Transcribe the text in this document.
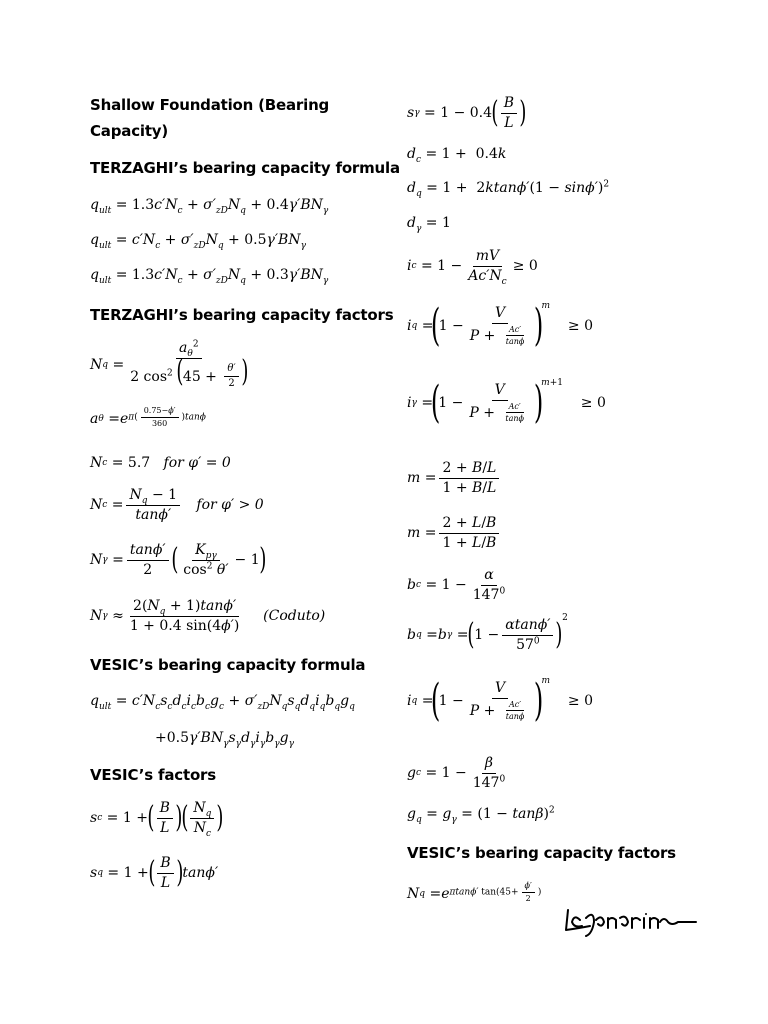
Shallow Foundation (Bearing Capacity)
TERZAGHI’s bearing capacity formula
$q_{ult} = 1.3c'N_c + \sigma'_{zD}N_q + 0.4\gamma'BN_\gamma$
$q_{ult} = c'N_c + \sigma'_{zD}N_q + 0.5\gamma'BN_\gamma$
$q_{ult} = 1.3c'N_c + \sigma'_{zD}N_q + 0.3\gamma'BN_\gamma$
TERZAGHI’s bearing capacity factors
N $q = \frac{a_\theta^2}{2 \cos^2 (45 + \frac{\theta'}{2} )}$
a θ = e $\pi( \frac{0.75-\phi'}{360} )\tan\phi$
N c = 5.7 for φ′ = 0
N $c = \frac{N_q - 1}{\tan\phi'}$
for φ′ > 0
N $\gamma = \frac{\tan\phi'}{2}$ ( $\frac{K_{p\gamma}}{\cos^2 \theta'} - 1$ )
N $\gamma \approx \frac{2(N_q + 1)\tan\phi'}{1 + 0.4 \sin(4\phi')}$
(Coduto)
VESIC’s bearing capacity formula
$q_{ult} = c'N_cs_cd_ci_cb_cg_c + \sigma'_{zD}N_qs_qd_qi_qb_qg_q$
$+0.5\gamma'BN_\gamma s_\gamma d_\gamma i_\gamma b_\gamma g_\gamma$
VESIC’s factors
s c = 1 + ( $\frac{B}{L}$ )
( $\frac{N_q}{N_c}$ )
s q = 1 + ( $\frac{B}{L}$ ) tanϕ′
s γ = 1 − 0.4 ( $\frac{B}{L}$ )
$d_c = 1 + 0.4k$
$d_q = 1 + 2ktan\phi'(1 - \sin\phi')^2$
$d_\gamma = 1$
i $c = 1 - \frac{mV}{Ac'N_c} \ge 0$
i q =
(
$1 - \frac{V}{P + \frac{Ac'}{\tan\phi}}$ )
m

≥ 0
i γ =
(
$1 - \frac{V}{P + \frac{Ac'}{\tan\phi}}$ )
m+1

≥ 0
$m = \frac{2 + B/L}{1 + B/L}$
$m = \frac{2 + L/B}{1 + L/B}$
b $c = 1 - \frac{\alpha}{147^0}$
b q = b γ = ( $1 - \frac{\alpha\tan\phi'}{57^0}$ ) 2
i q =
(
$1 - \frac{V}{P + \frac{Ac'}{\tan\phi}}$ )
m

≥ 0
g $c = 1 - \frac{\beta}{147^0}$
$g_q = g_\gamma = (1 - \tan\beta)^2$
VESIC’s bearing capacity factors
N q = e πtanϕ′ $\tan(45+ \frac{\phi'}{2}$ )
